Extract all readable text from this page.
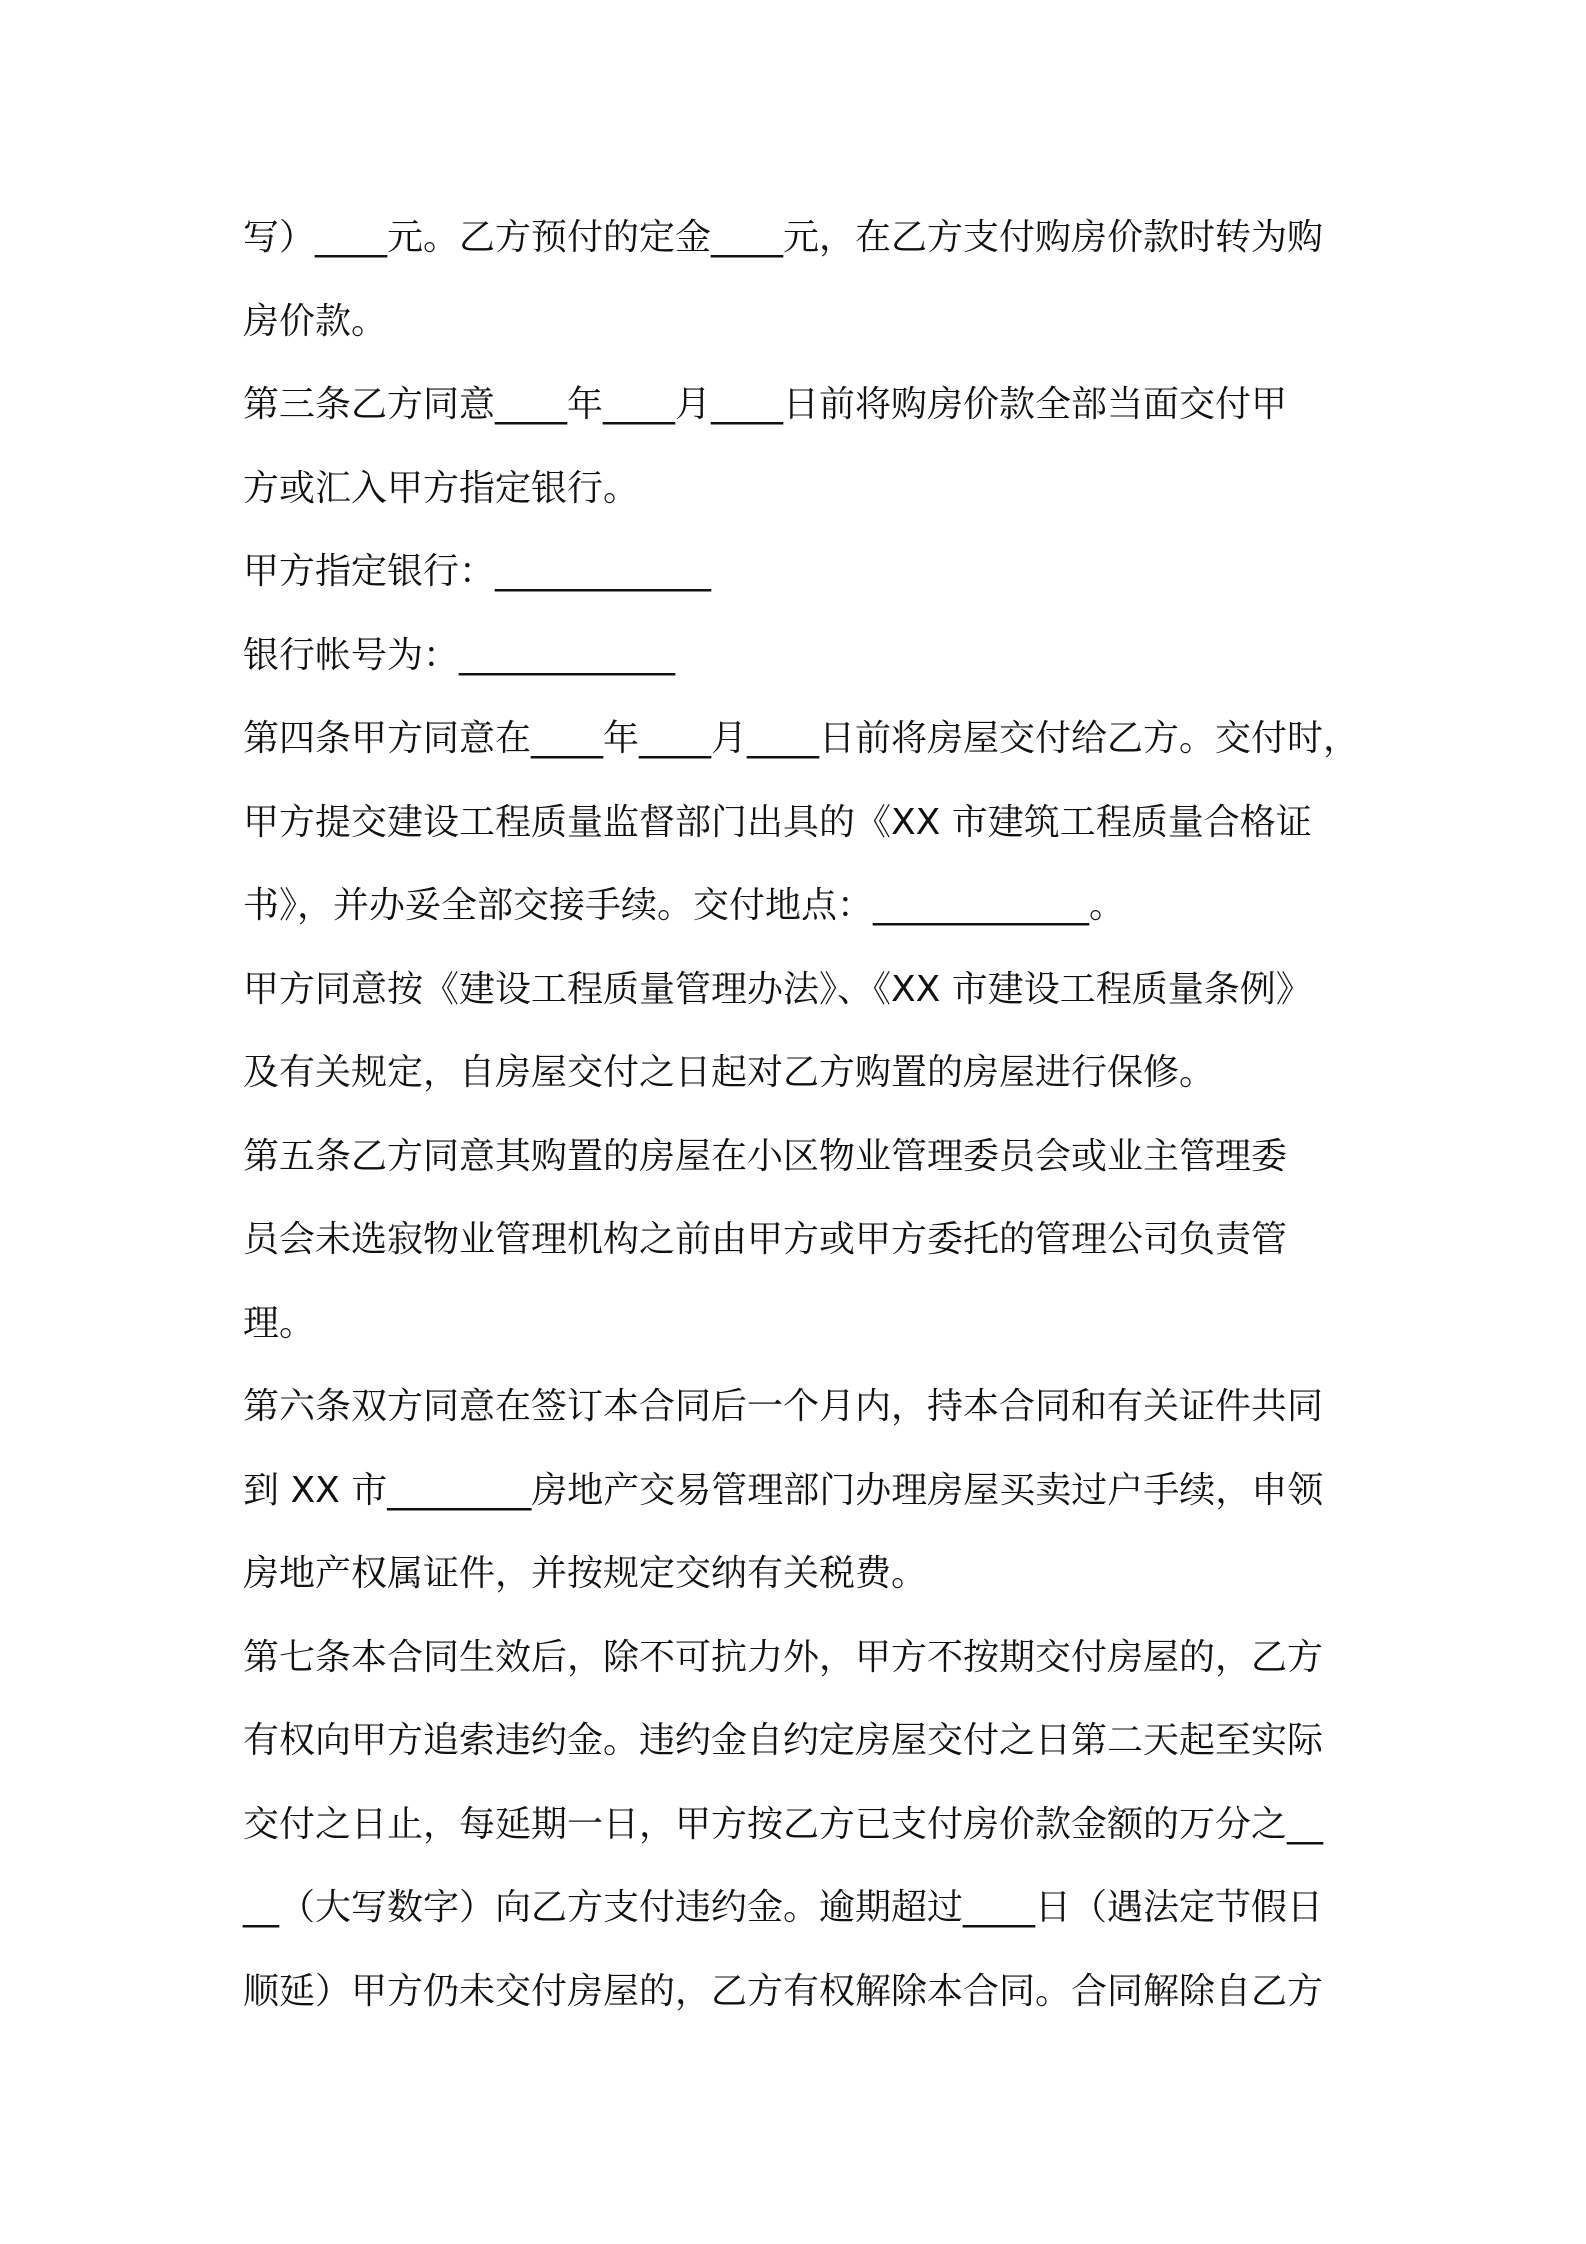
写）____元。乙方预付的定金____元，在乙方支付购房价款时转为购
房价款。
第三条乙方同意____年____月____日前将购房价款全部当面交付甲
方或汇入甲方指定银行。
甲方指定银行：____________
银行帐号为：____________
第四条甲方同意在____年____月____日前将房屋交付给乙方。交付时，
甲方提交建设工程质量监督部门出具的《XX 市建筑工程质量合格证
书》，并办妥全部交接手续。交付地点：____________。
甲方同意按《建设工程质量管理办法》、《XX 市建设工程质量条例》
及有关规定，自房屋交付之日起对乙方购置的房屋进行保修。
第五条乙方同意其购置的房屋在小区物业管理委员会或业主管理委
员会未选寂物业管理机构之前由甲方或甲方委托的管理公司负责管
理。
第六条双方同意在签订本合同后一个月内，持本合同和有关证件共同
到 XX 市________房地产交易管理部门办理房屋买卖过户手续，申领
房地产权属证件，并按规定交纳有关税费。
第七条本合同生效后，除不可抗力外，甲方不按期交付房屋的，乙方
有权向甲方追索违约金。违约金自约定房屋交付之日第二天起至实际
交付之日止，每延期一日，甲方按乙方已支付房价款金额的万分之__
__（大写数字）向乙方支付违约金。逾期超过____日（遇法定节假日
顺延）甲方仍未交付房屋的，乙方有权解除本合同。合同解除自乙方
